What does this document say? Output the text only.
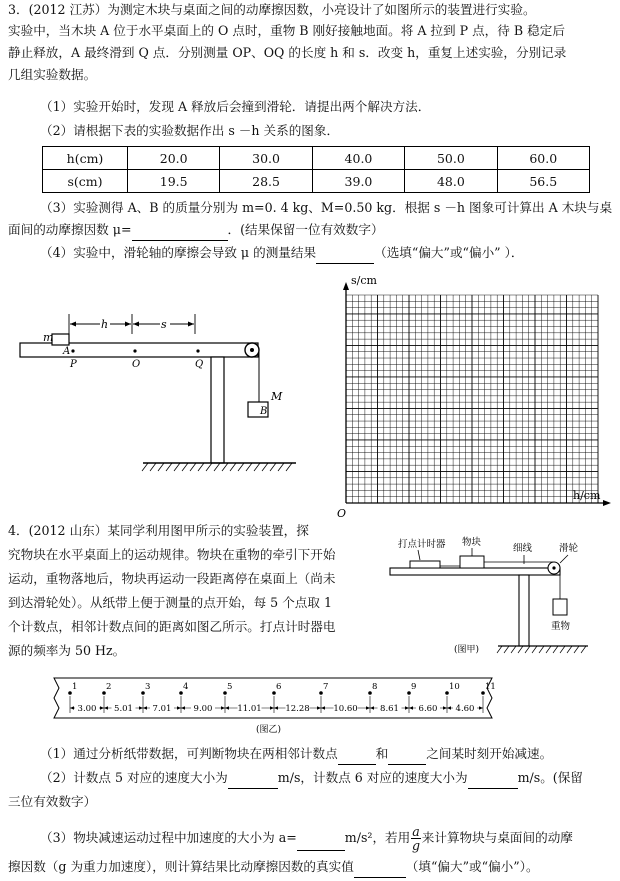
3．(2012 江苏）为测定木块与桌面之间的动摩擦因数，小亮设计了如图所示的装置进行实验。
实验中，当木块 A 位于水平桌面上的 O 点时，重物 B 刚好接触地面。将 A 拉到 P 点，待 B 稳定后
静止释放，A 最终滑到 Q 点．分别测量 OP、OQ 的长度 h 和 s．改变 h，重复上述实验，分别记录
几组实验数据。
（1）实验开始时，发现 A 释放后会撞到滑轮．请提出两个解决方法．
（2）请根据下表的实验数据作出 s －h 关系的图象．
h(cm)	20.0	30.0	40.0	50.0	60.0
s(cm)	19.5	28.5	39.0	48.0	56.5
（3）实验测得 A、B 的质量分别为 m=0. 4 kg、M=0.50 kg．根据 s －h 图象可计算出 A 木块与桌
面间的动摩擦因数 μ=	．(结果保留一位有效数字）
（4）实验中，滑轮轴的摩擦会导致 μ 的测量结果	（选填“偏大”或“偏小” ）．
h	s
m
A
P	O	Q
M
B
s/cm
h/cm
O
4．(2012 山东）某同学利用图甲所示的实验装置，探
究物块在水平桌面上的运动规律。物块在重物的牵引下开始
运动，重物落地后，物块再运动一段距离停在桌面上（尚未
到达滑轮处）。从纸带上便于测量的点开始，每 5 个点取 1
个计数点，相邻计数点间的距离如图乙所示。打点计时器电
源的频率为 50 Hz。
打点计时器 物块
细线	滑轮
重物
(图甲)
1	2	3	4	5	6	7	8	9	10	11
3.00 5.01 7.01	9.00	11.01	12.28	10.60	8.61 6.60 4.60
(图乙)
（1）通过分析纸带数据，可判断物块在两相邻计数点	和	之间某时刻开始减速。
（2）计数点 5 对应的速度大小为	m/s，计数点 6 对应的速度大小为	m/s。(保留
三位有效数字）
（3）物块减速运动过程中加速度的大小为 a=	m/s²，若用 $\frac{a}{g}$ 来计算物块与桌面间的动摩
擦因数（g 为重力加速度），则计算结果比动摩擦因数的真实值	（填“偏大”或“偏小”）。
